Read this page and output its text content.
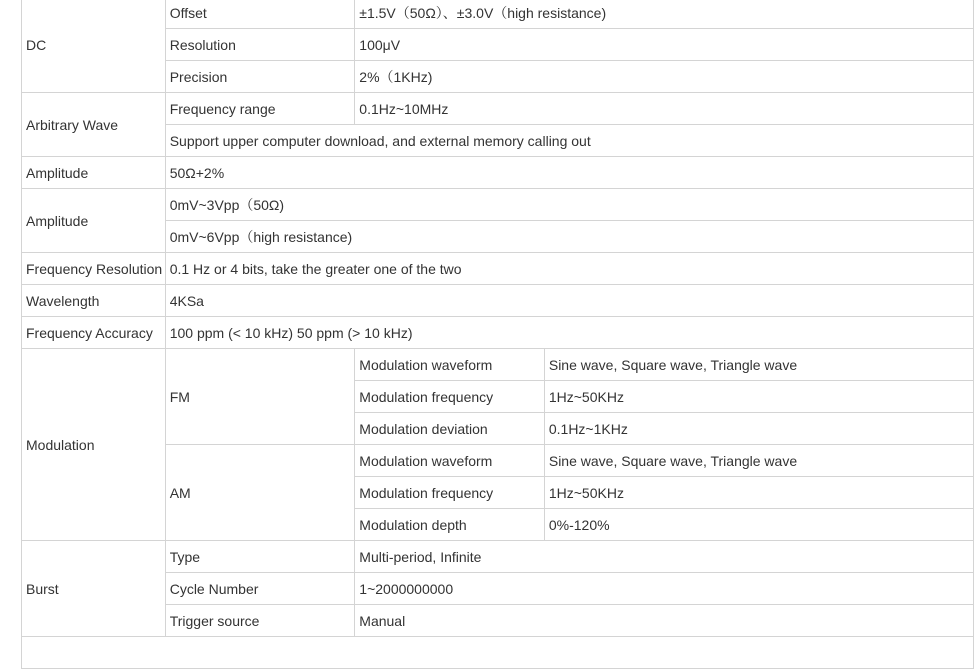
DC	Offset	±1.5V（50Ω）、±3.0V（high resistance)	
	Resolution	100μV	
	Precision	2%（1KHz)	
Arbitrary Wave	Frequency range	0.1Hz~10MHz	
	Support upper computer download, and external memory calling out		
Amplitude	50Ω+2%		
Amplitude	0mV~3Vpp（50Ω)		
	0mV~6Vpp（high resistance)		
Frequency Resolution	0.1 Hz or 4 bits, take the greater one of the two		
Wavelength	4KSa		
Frequency Accuracy	100 ppm (< 10 kHz) 50 ppm (> 10 kHz)		
Modulation	FM	Modulation waveform	Sine wave, Square wave, Triangle wave
		Modulation frequency	1Hz~50KHz
		Modulation deviation	0.1Hz~1KHz
	AM	Modulation waveform	Sine wave, Square wave, Triangle wave
		Modulation frequency	1Hz~50KHz
		Modulation depth	0%-120%
Burst	Type	Multi-period, Infinite	
	Cycle Number	1~2000000000	
	Trigger source	Manual	
